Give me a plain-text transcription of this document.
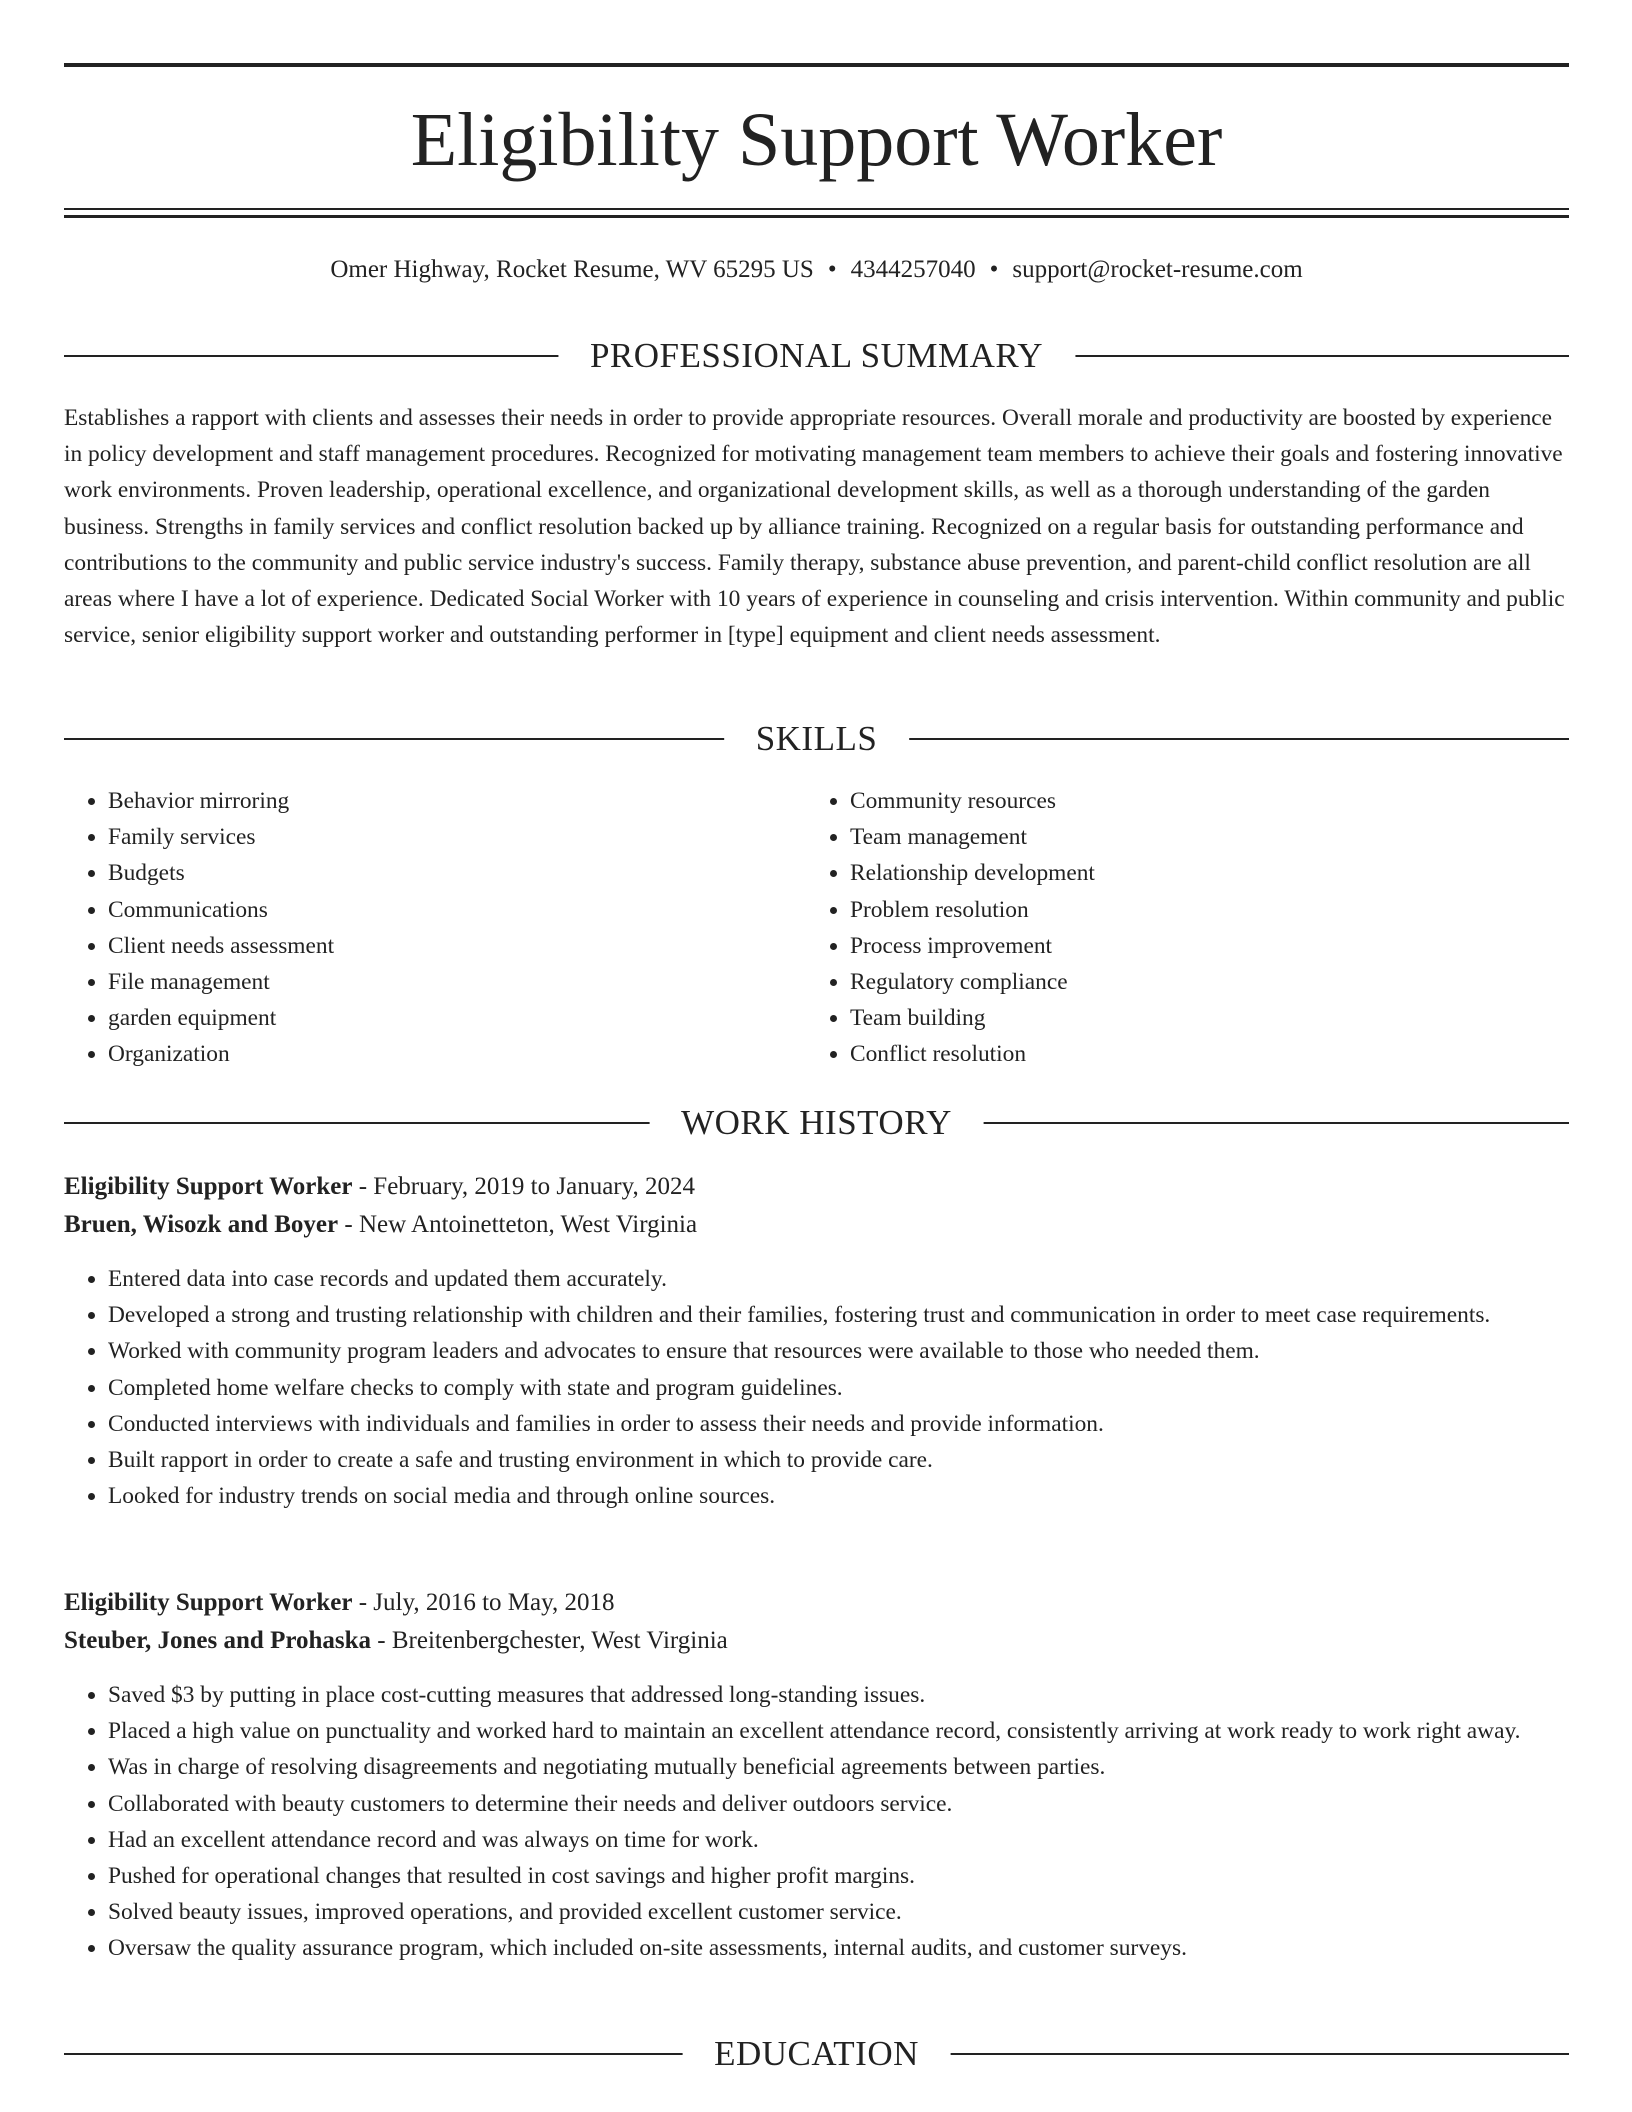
Eligibility Support Worker
Omer Highway, Rocket Resume, WV 65295 US • 4344257040 • support@rocket-resume.com
PROFESSIONAL SUMMARY

Establishes a rapport with clients and assesses their needs in order to provide appropriate resources. Overall morale and productivity are boosted by experience in policy development and staff management procedures. Recognized for motivating management team members to achieve their goals and fostering innovative work environments. Proven leadership, operational excellence, and organizational development skills, as well as a thorough understanding of the garden business. Strengths in family services and conflict resolution backed up by alliance training. Recognized on a regular basis for outstanding performance and contributions to the community and public service industry's success. Family therapy, substance abuse prevention, and parent-child conflict resolution are all areas where I have a lot of experience. Dedicated Social Worker with 10 years of experience in counseling and crisis intervention. Within community and public service, senior eligibility support worker and outstanding performer in [type] equipment and client needs assessment.

SKILLS
• Behavior mirroring
• Family services
• Budgets
• Communications
• Client needs assessment
• File management
• garden equipment
• Organization
• Community resources
• Team management
• Relationship development
• Problem resolution
• Process improvement
• Regulatory compliance
• Team building
• Conflict resolution
WORK HISTORY
Eligibility Support Worker - February, 2019 to January, 2024
Bruen, Wisozk and Boyer - New Antoinetteton, West Virginia
• Entered data into case records and updated them accurately.
• Developed a strong and trusting relationship with children and their families, fostering trust and communication in order to meet case requirements.
• Worked with community program leaders and advocates to ensure that resources were available to those who needed them.
• Completed home welfare checks to comply with state and program guidelines.
• Conducted interviews with individuals and families in order to assess their needs and provide information.
• Built rapport in order to create a safe and trusting environment in which to provide care.
• Looked for industry trends on social media and through online sources.
Eligibility Support Worker - July, 2016 to May, 2018
Steuber, Jones and Prohaska - Breitenbergchester, West Virginia
• Saved $3 by putting in place cost-cutting measures that addressed long-standing issues.
• Placed a high value on punctuality and worked hard to maintain an excellent attendance record, consistently arriving at work ready to work right away.
• Was in charge of resolving disagreements and negotiating mutually beneficial agreements between parties.
• Collaborated with beauty customers to determine their needs and deliver outdoors service.
• Had an excellent attendance record and was always on time for work.
• Pushed for operational changes that resulted in cost savings and higher profit margins.
• Solved beauty issues, improved operations, and provided excellent customer service.
• Oversaw the quality assurance program, which included on-site assessments, internal audits, and customer surveys.
EDUCATION
